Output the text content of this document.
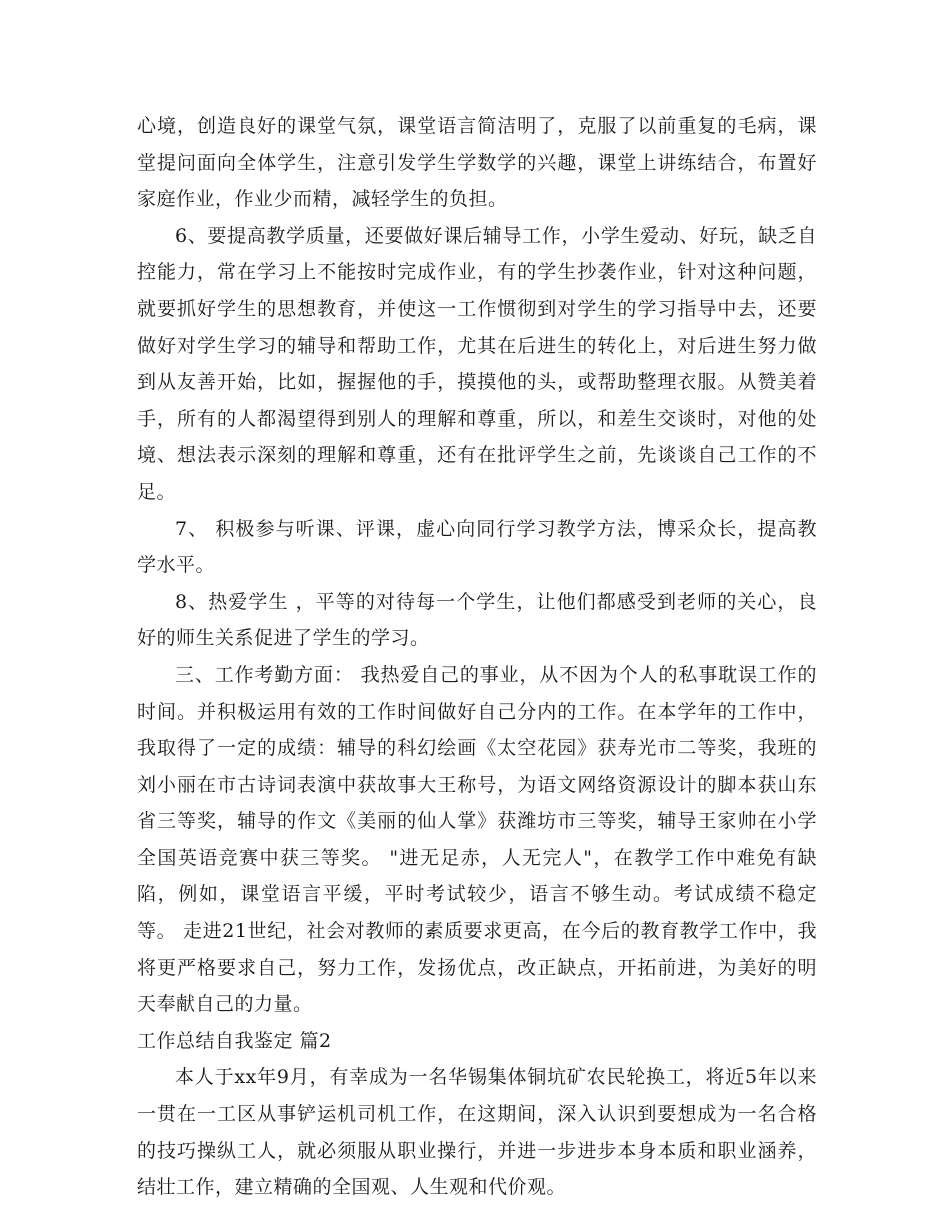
心境，创造良好的课堂气氛，课堂语言简洁明了，克服了以前重复的毛病，课堂提问面向全体学生，注意引发学生学数学的兴趣，课堂上讲练结合，布置好家庭作业，作业少而精，减轻学生的负担。

6、要提高教学质量，还要做好课后辅导工作，小学生爱动、好玩，缺乏自控能力，常在学习上不能按时完成作业，有的学生抄袭作业，针对这种问题，就要抓好学生的思想教育，并使这一工作惯彻到对学生的学习指导中去，还要做好对学生学习的辅导和帮助工作，尤其在后进生的转化上，对后进生努力做到从友善开始，比如，握握他的手，摸摸他的头，或帮助整理衣服。从赞美着手，所有的人都渴望得到别人的理解和尊重，所以，和差生交谈时，对他的处境、想法表示深刻的理解和尊重，还有在批评学生之前，先谈谈自己工作的不足。

7、 积极参与听课、评课，虚心向同行学习教学方法，博采众长，提高教学水平。

8、热爱学生 ，平等的对待每一个学生，让他们都感受到老师的关心，良好的师生关系促进了学生的学习。

三、工作考勤方面： 我热爱自己的事业，从不因为个人的私事耽误工作的时间。并积极运用有效的工作时间做好自己分内的工作。在本学年的工作中，我取得了一定的成绩：辅导的科幻绘画《太空花园》获寿光市二等奖，我班的刘小丽在市古诗词表演中获故事大王称号，为语文网络资源设计的脚本获山东省三等奖，辅导的作文《美丽的仙人掌》获潍坊市三等奖，辅导王家帅在小学全国英语竞赛中获三等奖。 "进无足赤，人无完人"，在教学工作中难免有缺陷，例如，课堂语言平缓，平时考试较少，语言不够生动。考试成绩不稳定等。 走进21世纪，社会对教师的素质要求更高，在今后的教育教学工作中，我将更严格要求自己，努力工作，发扬优点，改正缺点，开拓前进，为美好的明天奉献自己的力量。

工作总结自我鉴定 篇2

本人于xx年9月，有幸成为一名华锡集体铜坑矿农民轮换工，将近5年以来一贯在一工区从事铲运机司机工作，在这期间，深入认识到要想成为一名合格的技巧操纵工人，就必须服从职业操行，并进一步进步本身本质和职业涵养，结壮工作，建立精确的全国观、人生观和代价观。
